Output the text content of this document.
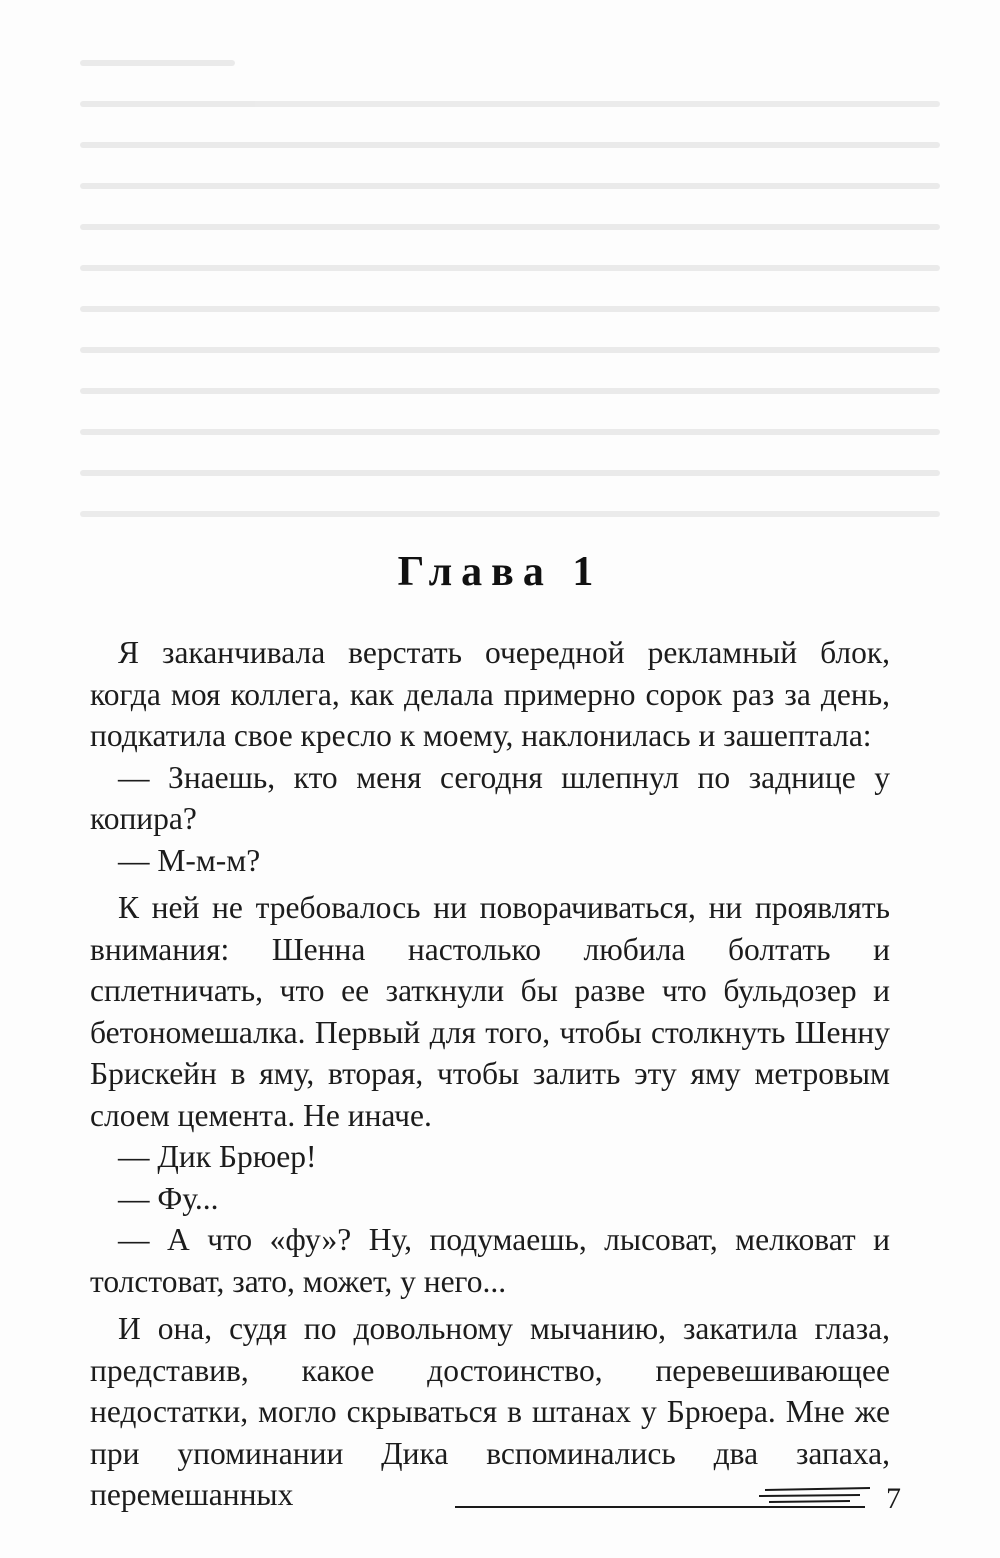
Глава 1

Я заканчивала верстать очередной рекламный блок, когда моя коллега, как делала примерно сорок раз за день, подкатила свое кресло к моему, наклонилась и зашептала:

— Знаешь, кто меня сегодня шлепнул по заднице у копира?

— М-м-м?

К ней не требовалось ни поворачиваться, ни проявлять внимания: Шенна настолько любила болтать и сплетничать, что ее заткнули бы разве что бульдозер и бетономешалка. Первый для того, чтобы столкнуть Шенну Брискейн в яму, вторая, чтобы залить эту яму метровым слоем цемента. Не иначе.

— Дик Брюер!

— Фу...

— А что «фу»? Ну, подумаешь, лысоват, мелковат и толстоват, зато, может, у него...

И она, судя по довольному мычанию, закатила глаза, представив, какое достоинство, перевешивающее недостатки, могло скрываться в штанах у Брюера. Мне же при упоминании Дика вспоминались два запаха, перемешанных	7
